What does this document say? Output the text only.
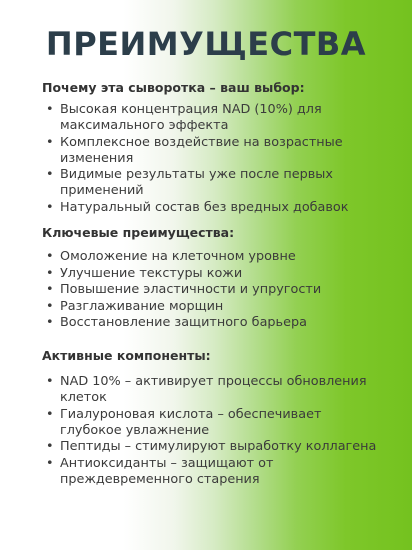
ПРЕИМУЩЕСТВА
Почему эта сыворотка – ваш выбор:
• Высокая концентрация NAD (10%) для максимального эффекта
• Комплексное воздействие на возрастные изменения
• Видимые результаты уже после первых применений
• Натуральный состав без вредных добавок
Ключевые преимущества:
• Омоложение на клеточном уровне
• Улучшение текстуры кожи
• Повышение эластичности и упругости
• Разглаживание морщин
• Восстановление защитного барьера
Активные компоненты:
• NAD 10% – активирует процессы обновления клеток
• Гиалуроновая кислота – обеспечивает глубокое увлажнение
• Пептиды – стимулируют выработку коллагена
• Антиоксиданты – защищают от преждевременного старения
